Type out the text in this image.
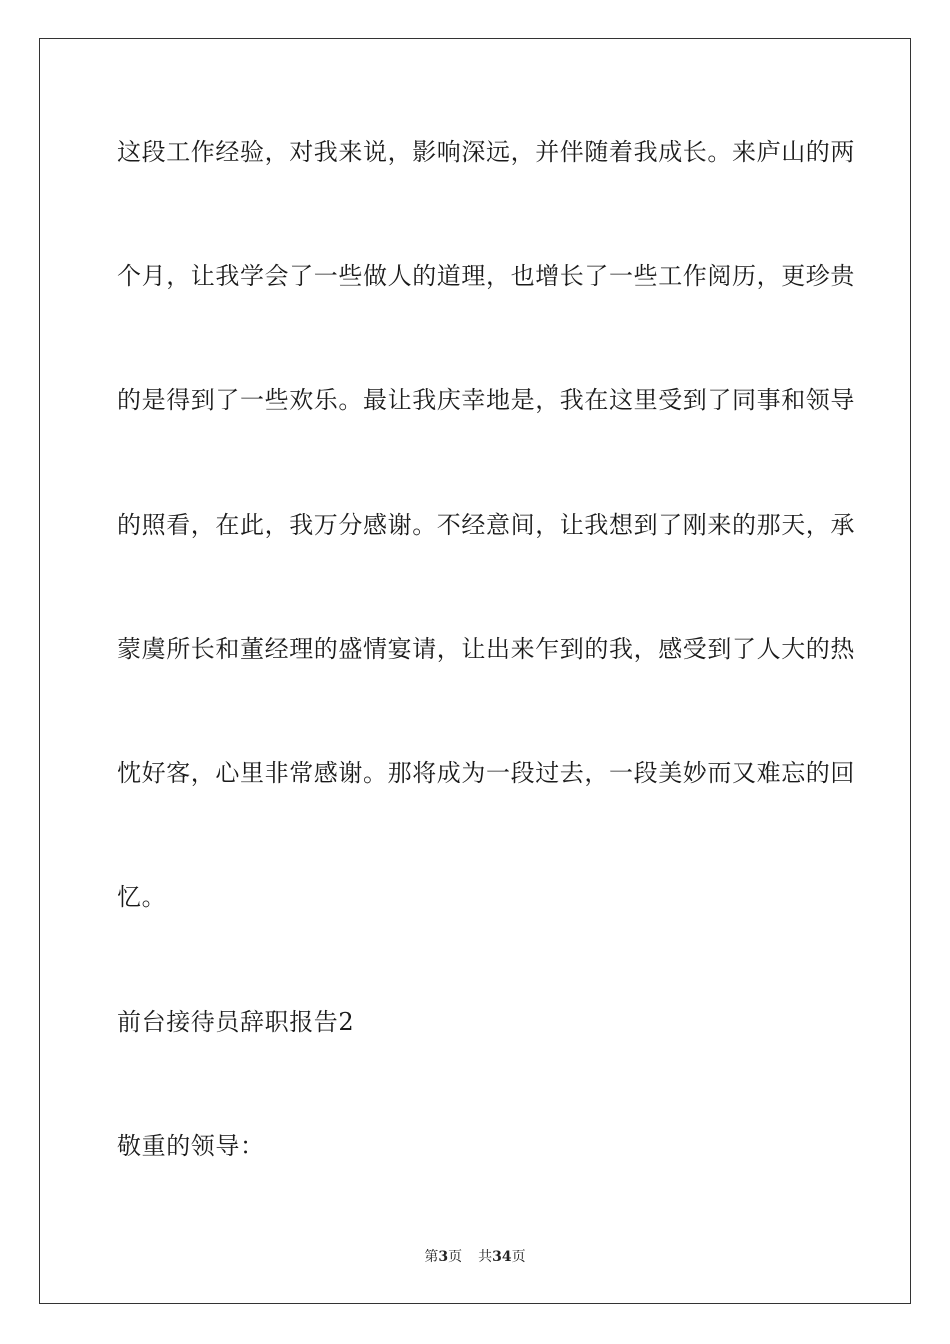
这段工作经验，对我来说，影响深远，并伴随着我成长。来庐山的两
个月，让我学会了一些做人的道理，也增长了一些工作阅历，更珍贵
的是得到了一些欢乐。最让我庆幸地是，我在这里受到了同事和领导
的照看，在此，我万分感谢。不经意间，让我想到了刚来的那天，承
蒙虞所长和董经理的盛情宴请，让出来乍到的我，感受到了人大的热
忱好客，心里非常感谢。那将成为一段过去，一段美妙而又难忘的回
忆。
前台接待员辞职报告2
敬重的领导：
第3页 共34页
